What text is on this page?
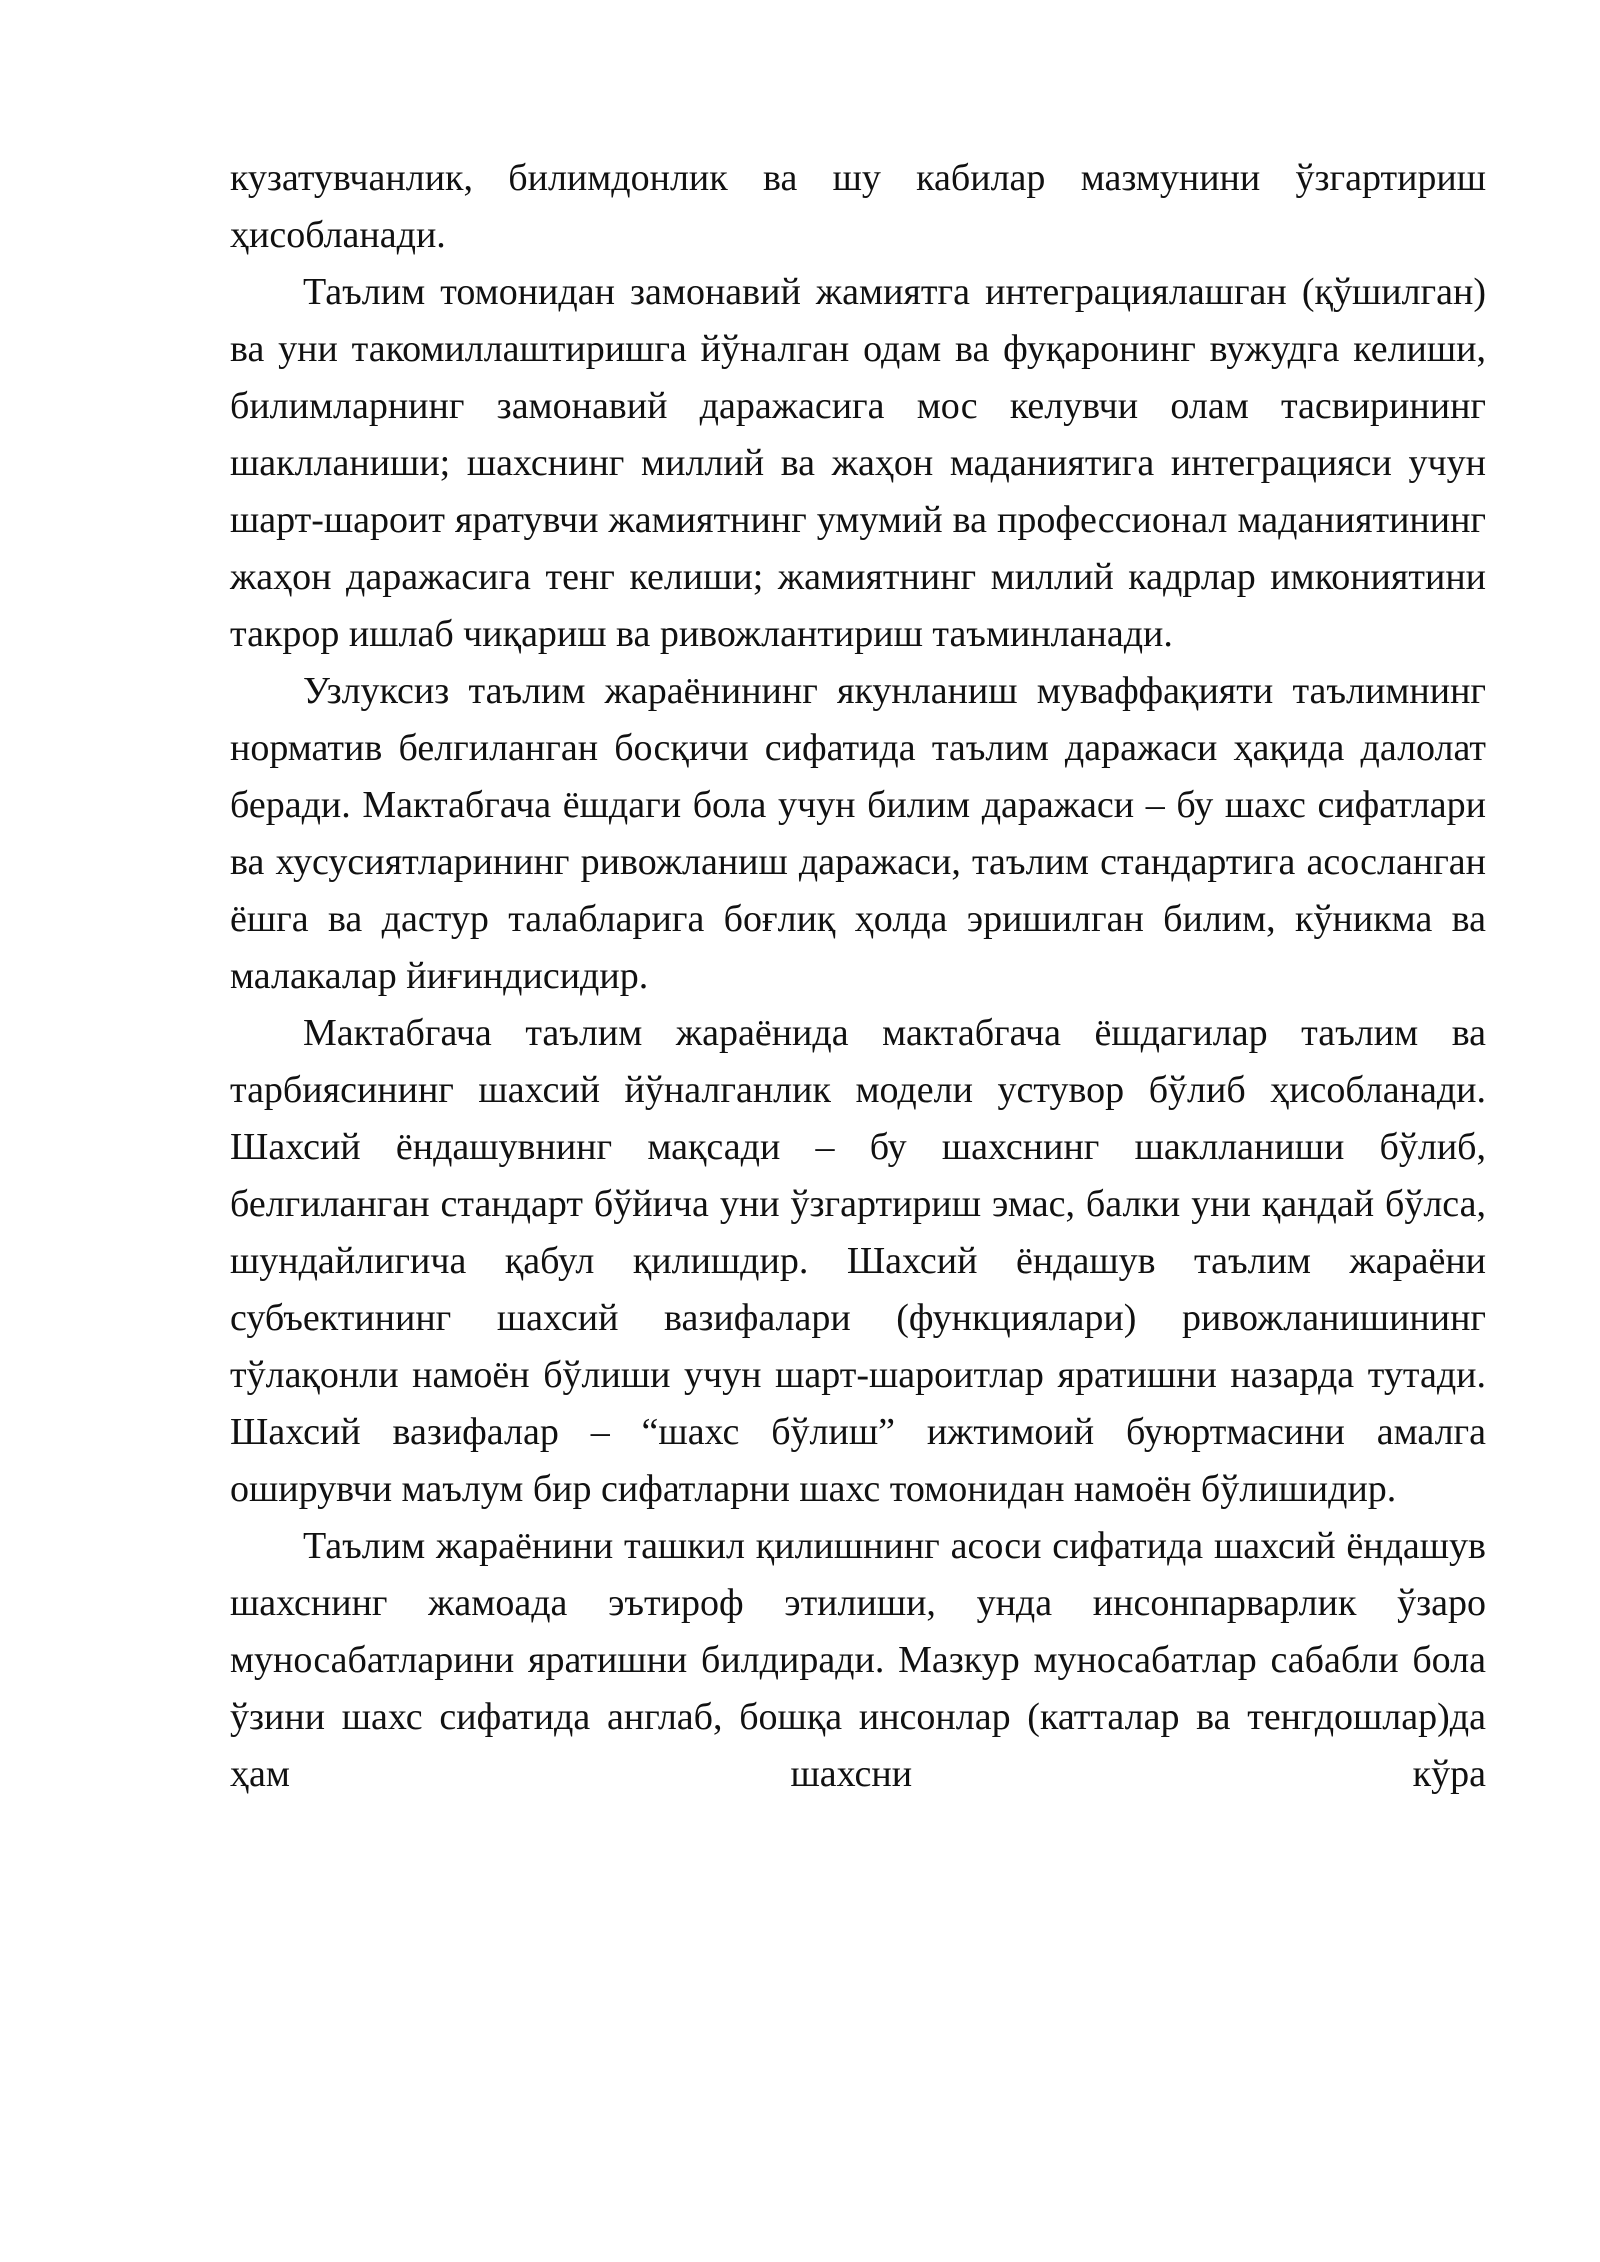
кузатувчанлик, билимдонлик ва шу кабилар мазмунини ўзгартириш ҳисобланади.

Таълим томонидан замонавий жамиятга интеграциялашган (қўшилган) ва уни такомиллаштиришга йўналган одам ва фуқаронинг вужудга келиши, билимларнинг замонавий даражасига мос келувчи олам тасвирининг шаклланиши; шахснинг миллий ва жаҳон маданиятига интеграцияси учун шарт-шароит яратувчи жамиятнинг умумий ва профессионал маданиятининг жаҳон даражасига тенг келиши; жамиятнинг миллий кадрлар имкониятини такрор ишлаб чиқариш ва ривожлантириш таъминланади.

Узлуксиз таълим жараёнининг якунланиш муваффақияти таълимнинг норматив белгиланган босқичи сифатида таълим даражаси ҳақида далолат беради. Мактабгача ёшдаги бола учун билим даражаси – бу шахс сифатлари ва хусусиятларининг ривожланиш даражаси, таълим стандартига асосланган ёшга ва дастур талабларига боғлиқ ҳолда эришилган билим, кўникма ва малакалар йиғиндисидир.

Мактабгача таълим жараёнида мактабгача ёшдагилар таълим ва тарбиясининг шахсий йўналганлик модели устувор бўлиб ҳисобланади. Шахсий ёндашувнинг мақсади – бу шахснинг шаклланиши бўлиб, белгиланган стандарт бўйича уни ўзгартириш эмас, балки уни қандай бўлса, шундайлигича қабул қилишдир. Шахсий ёндашув таълим жараёни субъектининг шахсий вазифалари (функциялари) ривожланишининг тўлақонли намоён бўлиши учун шарт-шароитлар яратишни назарда тутади. Шахсий вазифалар – “шахс бўлиш” ижтимоий буюртмасини амалга оширувчи маълум бир сифатларни шахс томонидан намоён бўлишидир.

Таълим жараёнини ташкил қилишнинг асоси сифатида шахсий ёндашув шахснинг жамоада эътироф этилиши, унда инсонпарварлик ўзаро муносабатларини яратишни билдиради. Мазкур муносабатлар сабабли бола ўзини шахс сифатида англаб, бошқа инсонлар (катталар ва тенгдошлар)да ҳам шахсни кўра
